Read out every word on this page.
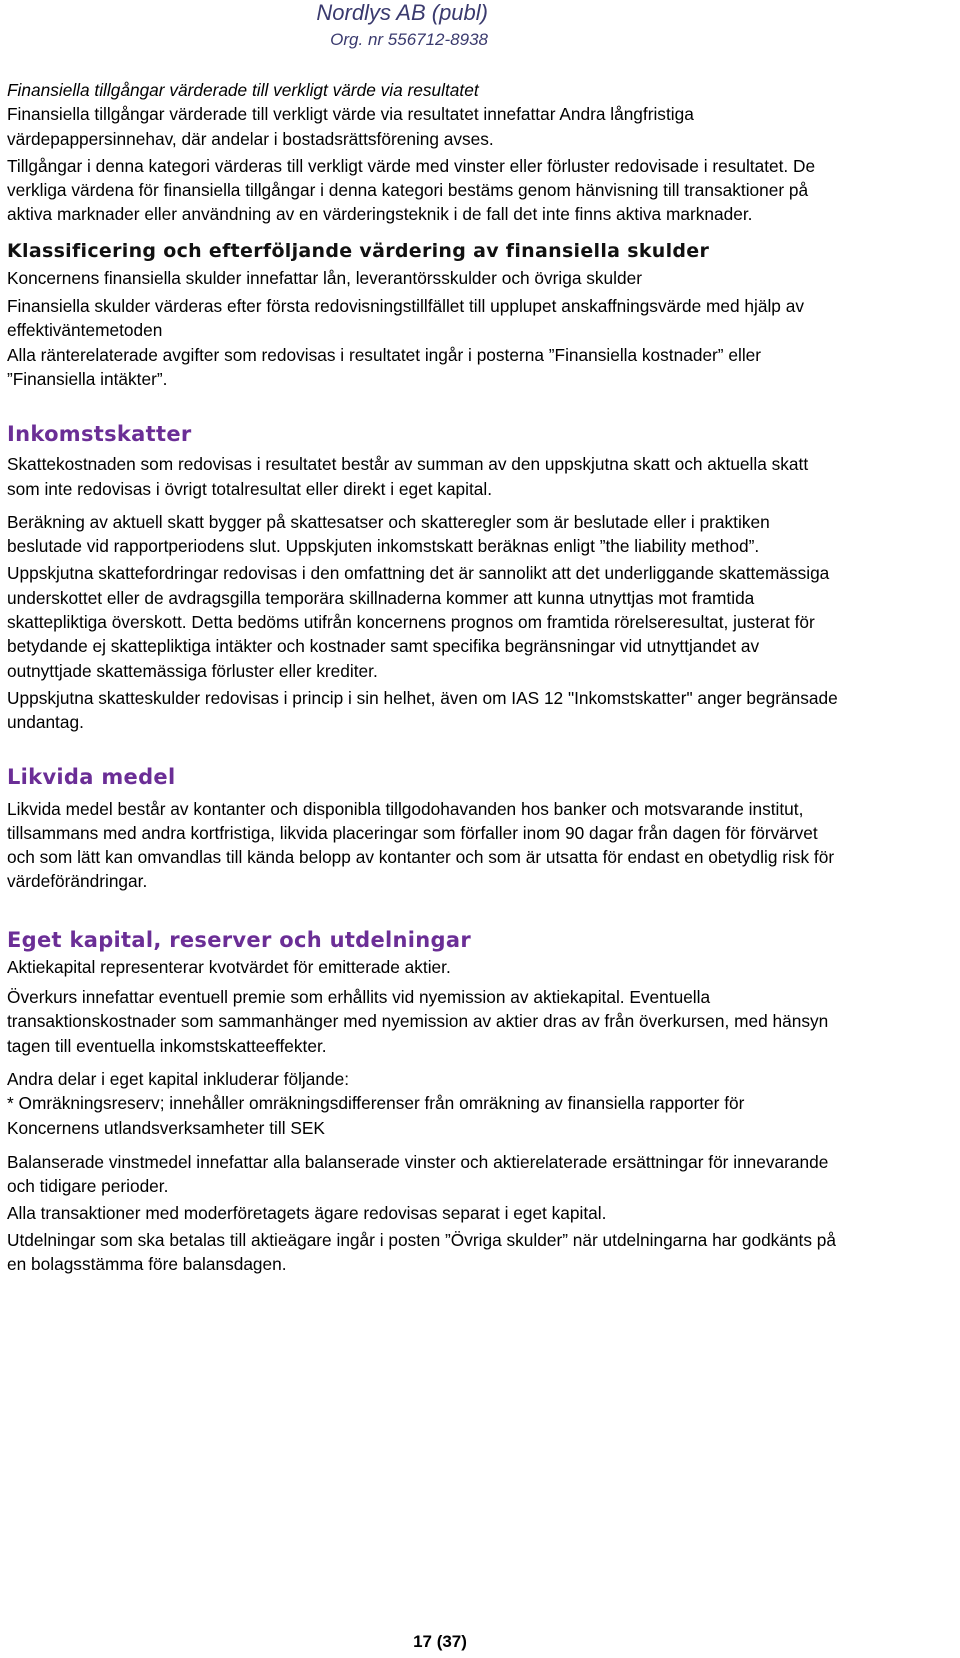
Nordlys AB (publ)
Org. nr 556712-8938

Finansiella tillgångar värderade till verkligt värde via resultatet

Finansiella tillgångar värderade till verkligt värde via resultatet innefattar Andra långfristiga
värdepappersinnehav, där andelar i bostadsrättsförening avses.

Tillgångar i denna kategori värderas till verkligt värde med vinster eller förluster redovisade i resultatet. De
verkliga värdena för finansiella tillgångar i denna kategori bestäms genom hänvisning till transaktioner på
aktiva marknader eller användning av en värderingsteknik i de fall det inte finns aktiva marknader.

Klassificering och efterföljande värdering av finansiella skulder

Koncernens finansiella skulder innefattar lån, leverantörsskulder och övriga skulder

Finansiella skulder värderas efter första redovisningstillfället till upplupet anskaffningsvärde med hjälp av
effektiväntemetoden

Alla ränterelaterade avgifter som redovisas i resultatet ingår i posterna ”Finansiella kostnader” eller
”Finansiella intäkter”.

Inkomstskatter

Skattekostnaden som redovisas i resultatet består av summan av den uppskjutna skatt och aktuella skatt
som inte redovisas i övrigt totalresultat eller direkt i eget kapital.

Beräkning av aktuell skatt bygger på skattesatser och skatteregler som är beslutade eller i praktiken
beslutade vid rapportperiodens slut. Uppskjuten inkomstskatt beräknas enligt ”the liability method”.

Uppskjutna skattefordringar redovisas i den omfattning det är sannolikt att det underliggande skattemässiga
underskottet eller de avdragsgilla temporära skillnaderna kommer att kunna utnyttjas mot framtida
skattepliktiga överskott. Detta bedöms utifrån koncernens prognos om framtida rörelseresultat, justerat för
betydande ej skattepliktiga intäkter och kostnader samt specifika begränsningar vid utnyttjandet av
outnyttjade skattemässiga förluster eller krediter.

Uppskjutna skatteskulder redovisas i princip i sin helhet, även om IAS 12 "Inkomstskatter" anger begränsade
undantag.

Likvida medel

Likvida medel består av kontanter och disponibla tillgodohavanden hos banker och motsvarande institut,
tillsammans med andra kortfristiga, likvida placeringar som förfaller inom 90 dagar från dagen för förvärvet
och som lätt kan omvandlas till kända belopp av kontanter och som är utsatta för endast en obetydlig risk för
värdeförändringar.

Eget kapital, reserver och utdelningar

Aktiekapital representerar kvotvärdet för emitterade aktier.

Överkurs innefattar eventuell premie som erhållits vid nyemission av aktiekapital. Eventuella
transaktionskostnader som sammanhänger med nyemission av aktier dras av från överkursen, med hänsyn
tagen till eventuella inkomstskatteeffekter.

Andra delar i eget kapital inkluderar följande:
* Omräkningsreserv; innehåller omräkningsdifferenser från omräkning av finansiella rapporter för
Koncernens utlandsverksamheter till SEK

Balanserade vinstmedel innefattar alla balanserade vinster och aktierelaterade ersättningar för innevarande
och tidigare perioder.

Alla transaktioner med moderföretagets ägare redovisas separat i eget kapital.

Utdelningar som ska betalas till aktieägare ingår i posten ”Övriga skulder” när utdelningarna har godkänts på
en bolagsstämma före balansdagen.

17 (37)
